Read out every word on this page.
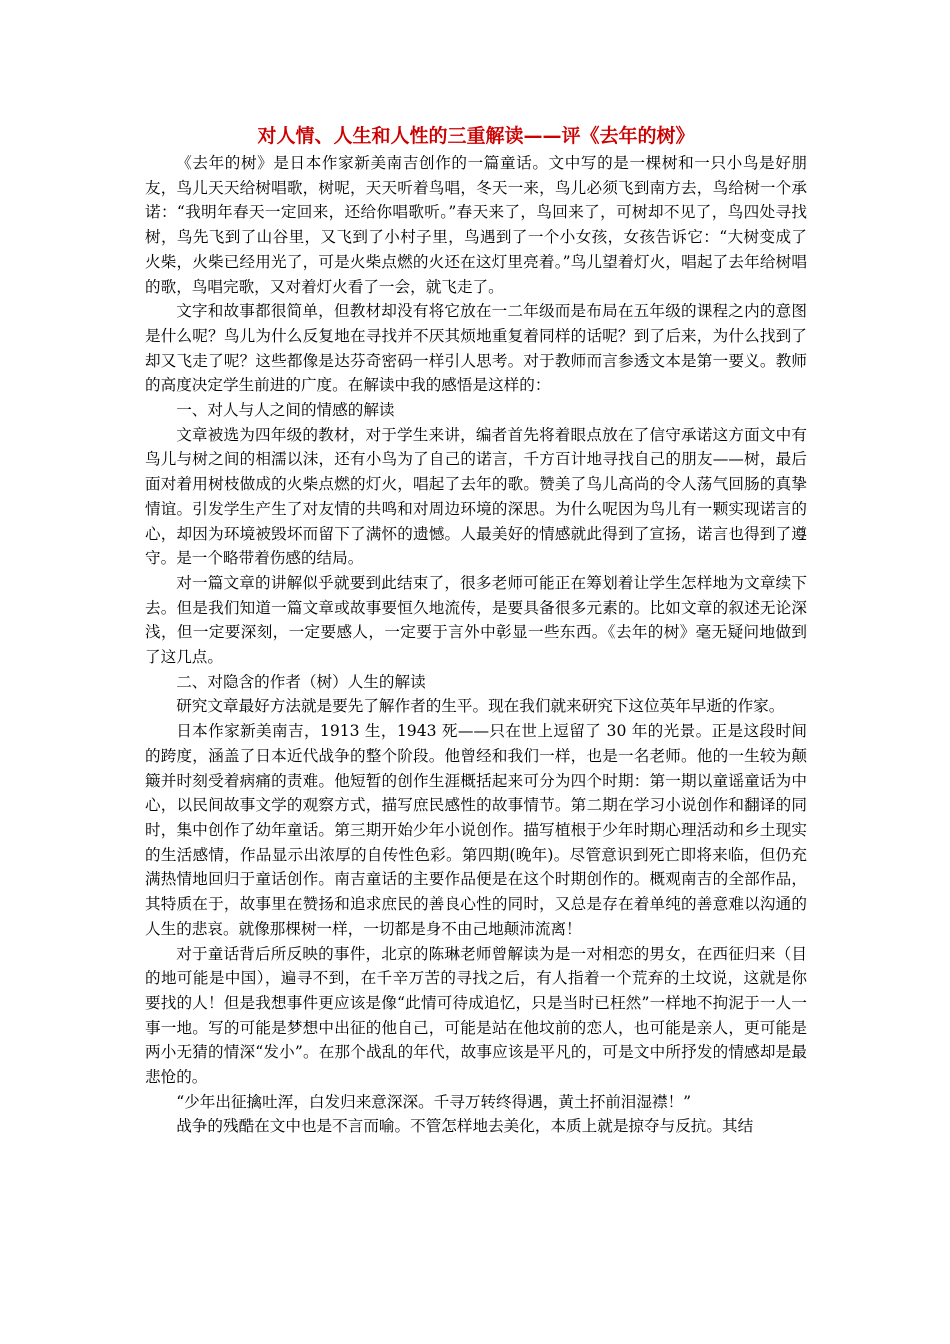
对人情、人生和人性的三重解读——评《去年的树》

《去年的树》是日本作家新美南吉创作的一篇童话。文中写的是一棵树和一只小鸟是好朋友，鸟儿天天给树唱歌，树呢，天天听着鸟唱，冬天一来，鸟儿必须飞到南方去，鸟给树一个承诺：“我明年春天一定回来，还给你唱歌听。”春天来了，鸟回来了，可树却不见了，鸟四处寻找树，鸟先飞到了山谷里，又飞到了小村子里，鸟遇到了一个小女孩，女孩告诉它：“大树变成了火柴，火柴已经用光了，可是火柴点燃的火还在这灯里亮着。”鸟儿望着灯火，唱起了去年给树唱的歌，鸟唱完歌，又对着灯火看了一会，就飞走了。

文字和故事都很简单，但教材却没有将它放在一二年级而是布局在五年级的课程之内的意图是什么呢？鸟儿为什么反复地在寻找并不厌其烦地重复着同样的话呢？到了后来，为什么找到了却又飞走了呢？这些都像是达芬奇密码一样引人思考。对于教师而言参透文本是第一要义。教师的高度决定学生前进的广度。在解读中我的感悟是这样的：

一、对人与人之间的情感的解读

文章被选为四年级的教材，对于学生来讲，编者首先将着眼点放在了信守承诺这方面文中有鸟儿与树之间的相濡以沫，还有小鸟为了自己的诺言，千方百计地寻找自己的朋友——树，最后面对着用树枝做成的火柴点燃的灯火，唱起了去年的歌。赞美了鸟儿高尚的令人荡气回肠的真挚情谊。引发学生产生了对友情的共鸣和对周边环境的深思。为什么呢因为鸟儿有一颗实现诺言的心，却因为环境被毁坏而留下了满怀的遗憾。人最美好的情感就此得到了宣扬，诺言也得到了遵守。是一个略带着伤感的结局。

对一篇文章的讲解似乎就要到此结束了，很多老师可能正在筹划着让学生怎样地为文章续下去。但是我们知道一篇文章或故事要恒久地流传，是要具备很多元素的。比如文章的叙述无论深浅，但一定要深刻，一定要感人，一定要于言外中彰显一些东西。《去年的树》毫无疑问地做到了这几点。

二、对隐含的作者（树）人生的解读

研究文章最好方法就是要先了解作者的生平。现在我们就来研究下这位英年早逝的作家。

日本作家新美南吉，1913 生，1943 死——只在世上逗留了 30 年的光景。正是这段时间的跨度，涵盖了日本近代战争的整个阶段。他曾经和我们一样，也是一名老师。他的一生较为颠簸并时刻受着病痛的责难。他短暂的创作生涯概括起来可分为四个时期：第一期以童谣童话为中心，以民间故事文学的观察方式，描写庶民感性的故事情节。第二期在学习小说创作和翻译的同时，集中创作了幼年童话。第三期开始少年小说创作。描写植根于少年时期心理活动和乡土现实的生活感情，作品显示出浓厚的自传性色彩。第四期(晚年)。尽管意识到死亡即将来临，但仍充满热情地回归于童话创作。南吉童话的主要作品便是在这个时期创作的。概观南吉的全部作品，其特质在于，故事里在赞扬和追求庶民的善良心性的同时，又总是存在着单纯的善意难以沟通的人生的悲哀。就像那棵树一样，一切都是身不由己地颠沛流离！

对于童话背后所反映的事件，北京的陈琳老师曾解读为是一对相恋的男女，在西征归来（目的地可能是中国），遍寻不到，在千辛万苦的寻找之后，有人指着一个荒弃的土坟说，这就是你要找的人！但是我想事件更应该是像“此情可待成追忆，只是当时已枉然”一样地不拘泥于一人一事一地。写的可能是梦想中出征的他自己，可能是站在他坟前的恋人，也可能是亲人，更可能是两小无猜的情深“发小”。在那个战乱的年代，故事应该是平凡的，可是文中所抒发的情感却是最悲怆的。

“少年出征擒吐浑，白发归来意深深。千寻万转终得遇，黄土抔前泪湿襟！”

战争的残酷在文中也是不言而喻。不管怎样地去美化，本质上就是掠夺与反抗。其结
